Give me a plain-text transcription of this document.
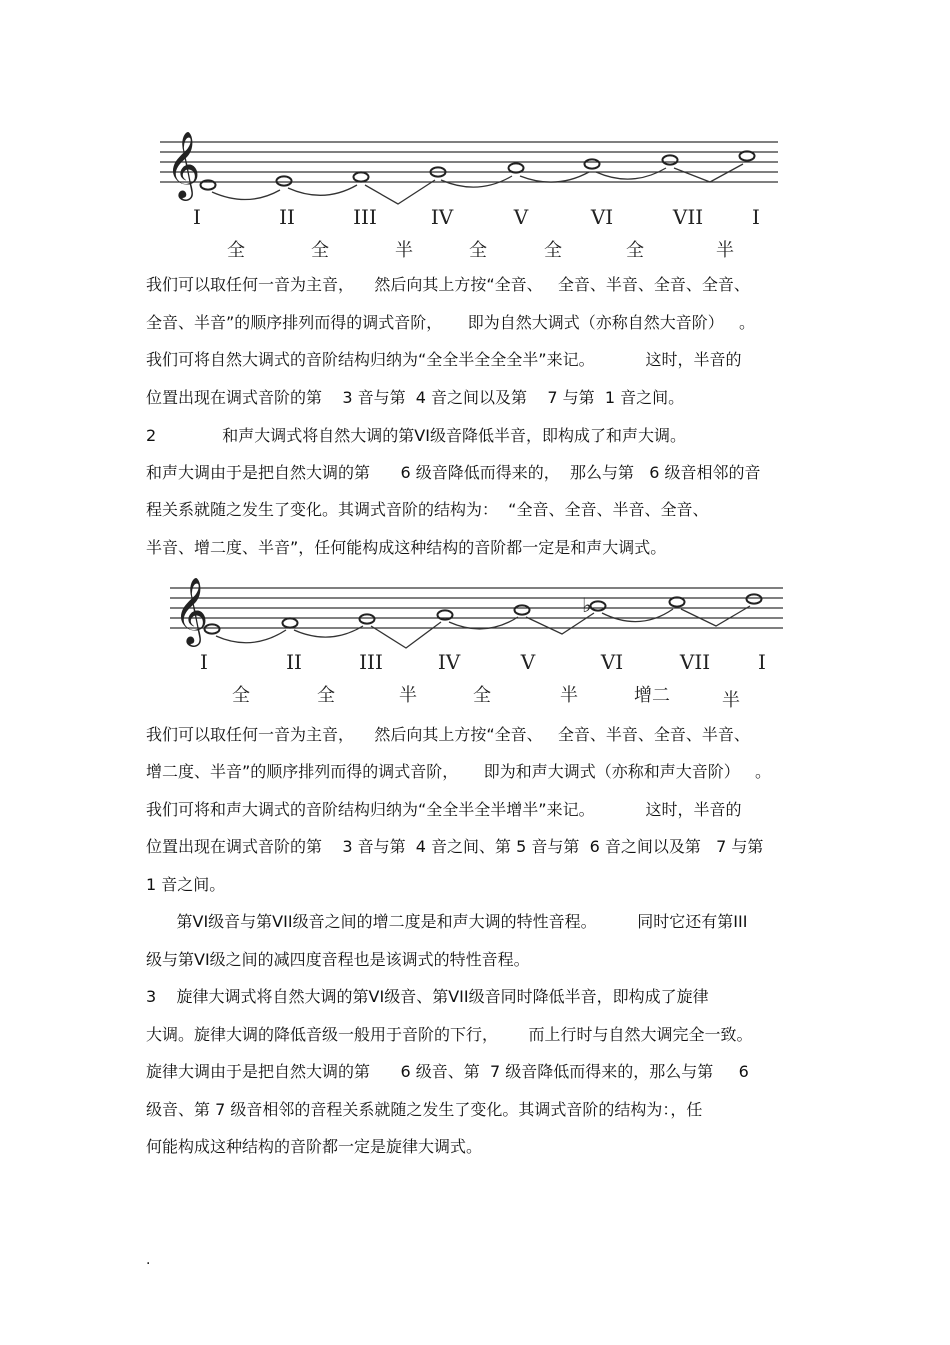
𝄞
I	II	III	IV	V	VI	VII I
全	全	半	全	全	全	半
我们可以取任何一音为主音，    然后向其上方按“全音、   全音、半音、全音、全音、
全音、半音”的顺序排列而得的调式音阶，     即为自然大调式（亦称自然大音阶）   。
我们可将自然大调式的音阶结构归纳为“全全半全全全半”来记。          这时，半音的
位置出现在调式音阶的第    3 音与第  4 音之间以及第    7 与第  1 音之间。
2             和声大调式将自然大调的第VI级音降低半音，即构成了和声大调。
和声大调由于是把自然大调的第      6 级音降低而得来的，  那么与第   6 级音相邻的音
程关系就随之发生了变化。其调式音阶的结构为：  “全音、全音、半音、全音、
半音、增二度、半音”，任何能构成这种结构的音阶都一定是和声大调式。
𝄞	♭
I	II	III	IV	V	VI	VII I
全	全	半	全	半	增二	半
我们可以取任何一音为主音，    然后向其上方按“全音、   全音、半音、全音、半音、
增二度、半音”的顺序排列而得的调式音阶，     即为和声大调式（亦称和声大音阶）   。
我们可将和声大调式的音阶结构归纳为“全全半全半增半”来记。          这时，半音的
位置出现在调式音阶的第    3 音与第  4 音之间、第 5 音与第  6 音之间以及第   7 与第
1 音之间。
第VI级音与第VII级音之间的增二度是和声大调的特性音程。        同时它还有第III
级与第VI级之间的减四度音程也是该调式的特性音程。
3    旋律大调式将自然大调的第VI级音、第VII级音同时降低半音，即构成了旋律
大调。旋律大调的降低音级一般用于音阶的下行，      而上行时与自然大调完全一致。
旋律大调由于是把自然大调的第      6 级音、第  7 级音降低而得来的，那么与第     6
级音、第 7 级音相邻的音程关系就随之发生了变化。其调式音阶的结构为：，任
何能构成这种结构的音阶都一定是旋律大调式。
.
